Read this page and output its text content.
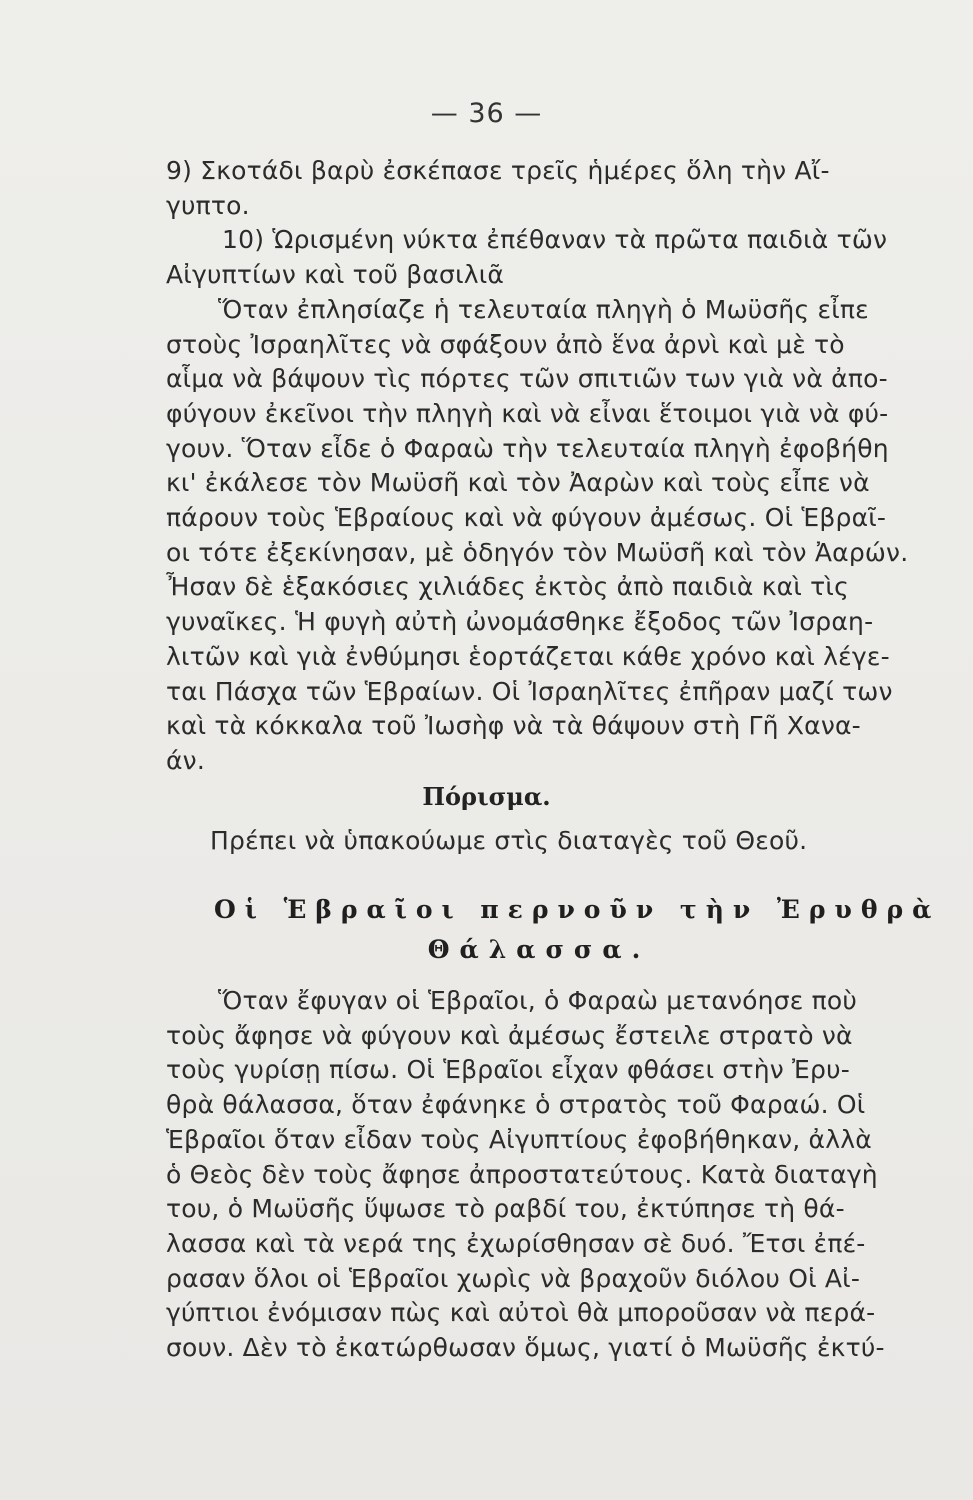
— 36 —
9) Σκοτάδι βαρὺ ἐσκέπασε τρεῖς ἡμέρες ὅλη τὴν Αἴ-
γυπτο.
10) Ὡρισμένη νύκτα ἐπέθαναν τὰ πρῶτα παιδιὰ τῶν
Αἰγυπτίων καὶ τοῦ βασιλιᾶ
Ὅταν ἐπλησίαζε ἡ τελευταία πληγὴ ὁ Μωϋσῆς εἶπε
στοὺς Ἰσραηλῖτες νὰ σφάξουν ἀπὸ ἕνα ἀρνὶ καὶ μὲ τὸ
αἷμα νὰ βάψουν τὶς πόρτες τῶν σπιτιῶν των γιὰ νὰ ἀπο-
φύγουν ἐκεῖνοι τὴν πληγὴ καὶ νὰ εἶναι ἕτοιμοι γιὰ νὰ φύ-
γουν. Ὅταν εἶδε ὁ Φαραὼ τὴν τελευταία πληγὴ ἐφοβήθη
κι' ἐκάλεσε τὸν Μωϋσῆ καὶ τὸν Ἀαρὼν καὶ τοὺς εἶπε νὰ
πάρουν τοὺς Ἑβραίους καὶ νὰ φύγουν ἀμέσως. Οἱ Ἑβραῖ-
οι τότε ἐξεκίνησαν, μὲ ὁδηγόν τὸν Μωϋσῆ καὶ τὸν Ἀαρών.
Ἦσαν δὲ ἑξακόσιες χιλιάδες ἐκτὸς ἀπὸ παιδιὰ καὶ τὶς
γυναῖκες. Ἡ φυγὴ αὐτὴ ὠνομάσθηκε ἔξοδος τῶν Ἰσραη-
λιτῶν καὶ γιὰ ἐνθύμησι ἑορτάζεται κάθε χρόνο καὶ λέγε-
ται Πάσχα τῶν Ἑβραίων. Οἱ Ἰσραηλῖτες ἐπῆραν μαζί των
καὶ τὰ κόκκαλα τοῦ Ἰωσὴφ νὰ τὰ θάψουν στὴ Γῆ Χανα-
άν.
Πόρισμα.
Πρέπει νὰ ὑπακούωμε στὶς διαταγὲς τοῦ Θεοῦ.
Οἱ Ἑβραῖοι περνοῦν τὴν Ἐρυθρὰ
Θάλασσα.
Ὅταν ἔφυγαν οἱ Ἑβραῖοι, ὁ Φαραὼ μετανόησε ποὺ
τοὺς ἄφησε νὰ φύγουν καὶ ἀμέσως ἔστειλε στρατὸ νὰ
τοὺς γυρίσῃ πίσω. Οἱ Ἑβραῖοι εἶχαν φθάσει στὴν Ἐρυ-
θρὰ θάλασσα, ὅταν ἐφάνηκε ὁ στρατὸς τοῦ Φαραώ. Οἱ
Ἑβραῖοι ὅταν εἶδαν τοὺς Αἰγυπτίους ἐφοβήθηκαν, ἀλλὰ
ὁ Θεὸς δὲν τοὺς ἄφησε ἀπροστατεύτους. Κατὰ διαταγὴ
του, ὁ Μωϋσῆς ὕψωσε τὸ ραβδί του, ἐκτύπησε τὴ θά-
λασσα καὶ τὰ νερά της ἐχωρίσθησαν σὲ δυό. Ἔτσι ἐπέ-
ρασαν ὅλοι οἱ Ἑβραῖοι χωρὶς νὰ βραχοῦν διόλου Οἱ Αἰ-
γύπτιοι ἐνόμισαν πὼς καὶ αὐτοὶ θὰ μποροῦσαν νὰ περά-
σουν. Δὲν τὸ ἐκατώρθωσαν ὅμως, γιατί ὁ Μωϋσῆς ἐκτύ-
